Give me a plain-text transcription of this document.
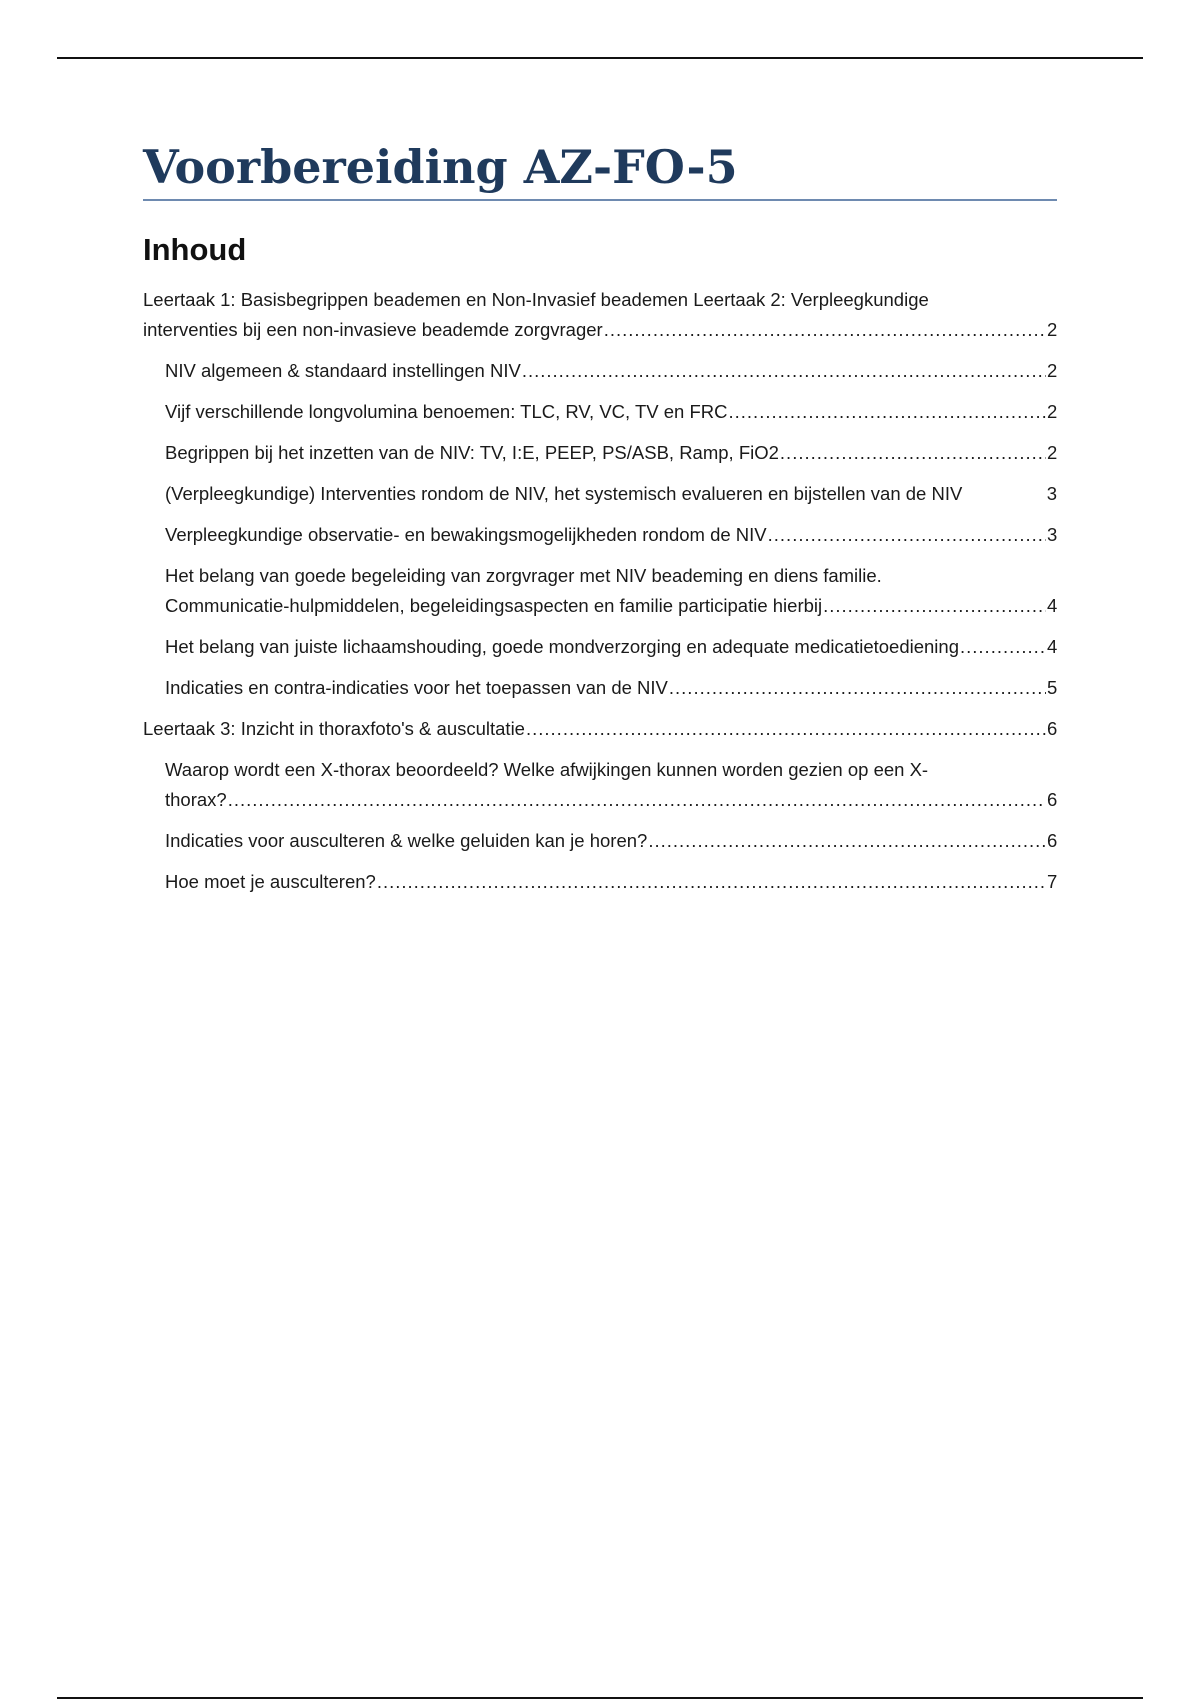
Voorbereiding AZ-FO-5
Inhoud
Leertaak 1: Basisbegrippen beademen en Non-Invasief beademen Leertaak 2: Verpleegkundige
interventies bij een non-invasieve beademde zorgvrager .....	2
NIV algemeen & standaard instellingen NIV .....	2
Vijf verschillende longvolumina benoemen: TLC, RV, VC, TV en FRC .....	2
Begrippen bij het inzetten van de NIV: TV, I:E, PEEP, PS/ASB, Ramp, FiO2 .....	2
(Verpleegkundige) Interventies rondom de NIV, het systemisch evalueren en bijstellen van de NIV	3
Verpleegkundige observatie- en bewakingsmogelijkheden rondom de NIV .....	3
Het belang van goede begeleiding van zorgvrager met NIV beademing en diens familie.
Communicatie-hulpmiddelen, begeleidingsaspecten en familie participatie hierbij .....	4
Het belang van juiste lichaamshouding, goede mondverzorging en adequate medicatietoediening .....	4
Indicaties en contra-indicaties voor het toepassen van de NIV .....	5
Leertaak 3: Inzicht in thoraxfoto's & auscultatie .....	6
Waarop wordt een X-thorax beoordeeld? Welke afwijkingen kunnen worden gezien op een X-
thorax? .....	6
Indicaties voor ausculteren & welke geluiden kan je horen? .....	6
Hoe moet je ausculteren? .....	7
